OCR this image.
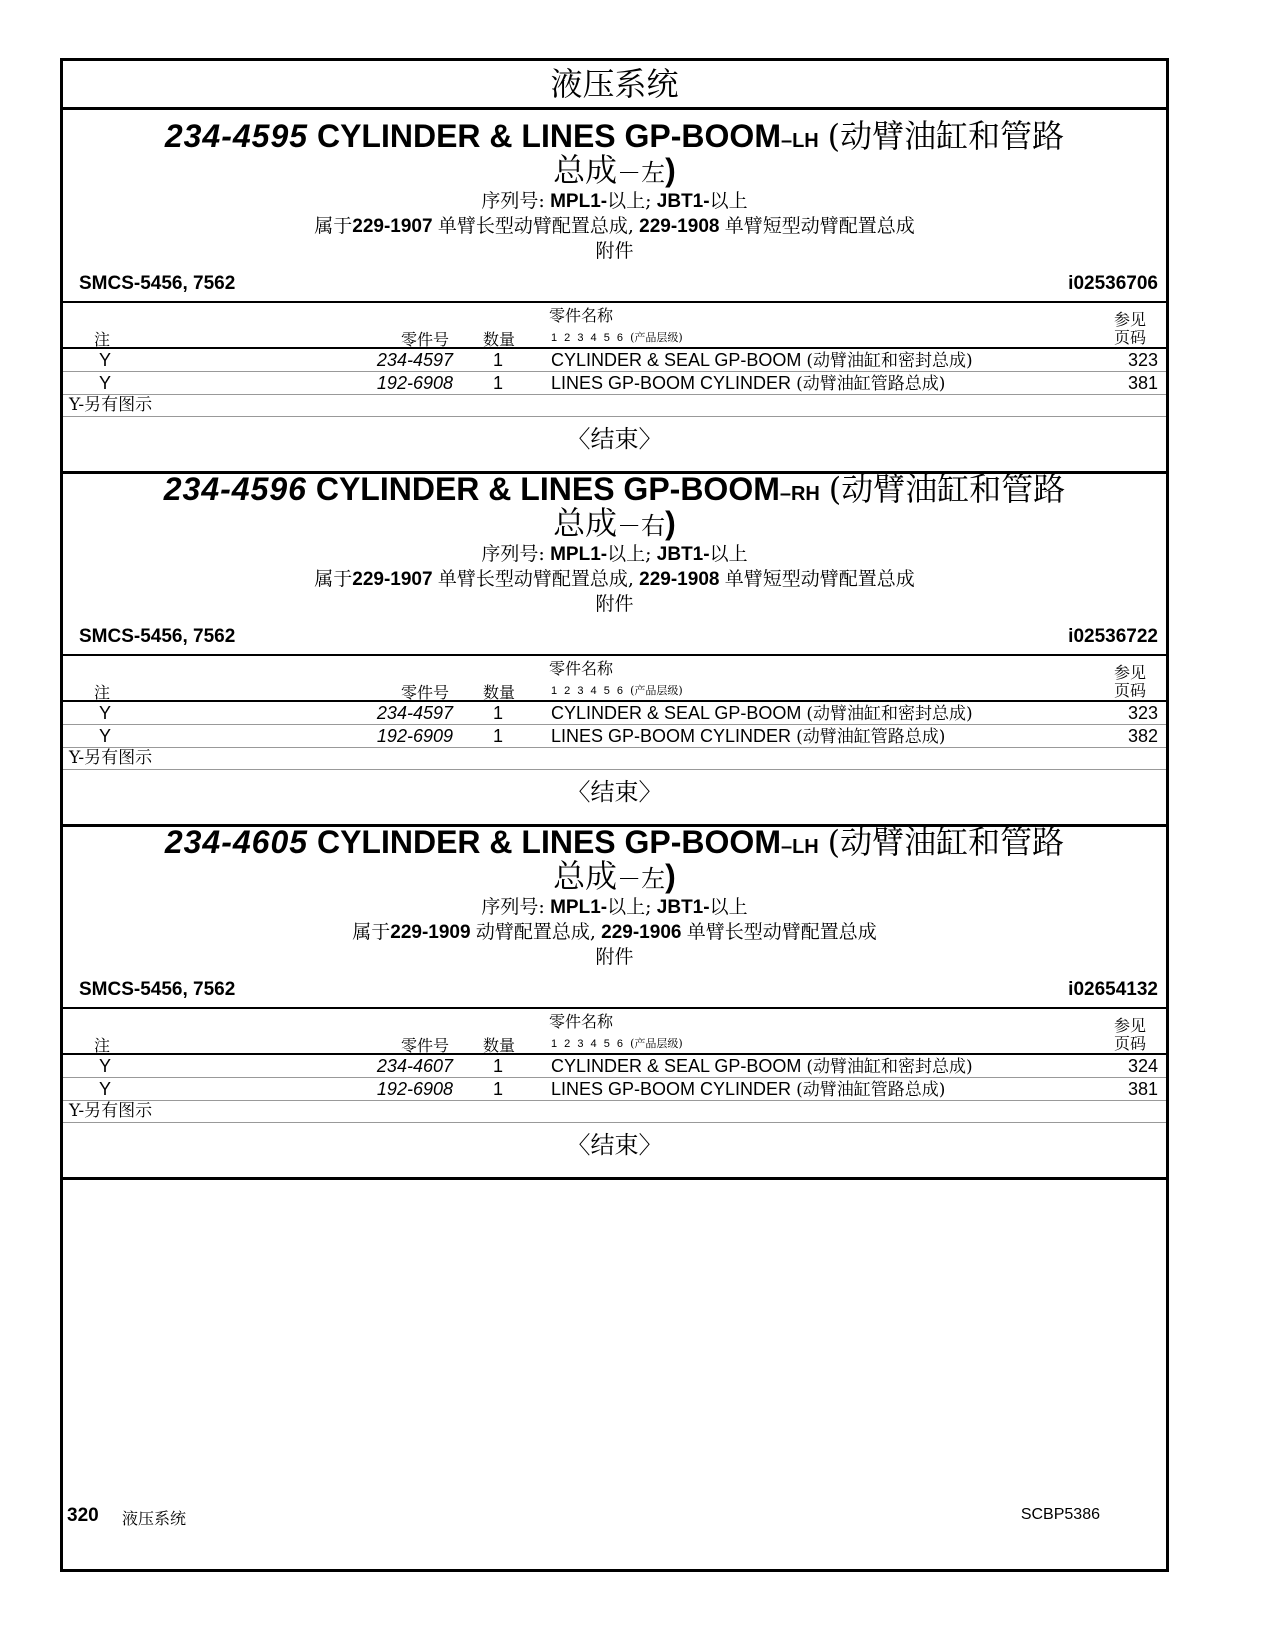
液压系统
234-4595 CYLINDER & LINES GP-BOOM–LH (动臂油缸和管路
总成－左)
序列号: MPL1-以上; JBT1-以上
属于229-1907 单臂长型动臂配置总成, 229-1908 单臂短型动臂配置总成
附件
SMCS-5456, 7562	i02536706
零件名称
注	零件号 数量	1 2 3 4 5 6 (产品层级)
参见
页码
Y	234-4597	1	CYLINDER & SEAL GP-BOOM (动臂油缸和密封总成)	323
Y	192-6908	1	LINES GP-BOOM CYLINDER (动臂油缸管路总成)	381
Y-另有图示
〈结束〉
234-4596 CYLINDER & LINES GP-BOOM–RH (动臂油缸和管路
总成－右)
序列号: MPL1-以上; JBT1-以上
属于229-1907 单臂长型动臂配置总成, 229-1908 单臂短型动臂配置总成
附件
SMCS-5456, 7562	i02536722
零件名称
注	零件号 数量	1 2 3 4 5 6 (产品层级)
参见
页码
Y	234-4597	1	CYLINDER & SEAL GP-BOOM (动臂油缸和密封总成)	323
Y	192-6909	1	LINES GP-BOOM CYLINDER (动臂油缸管路总成)	382
Y-另有图示
〈结束〉
234-4605 CYLINDER & LINES GP-BOOM–LH (动臂油缸和管路
总成－左)
序列号: MPL1-以上; JBT1-以上
属于229-1909 动臂配置总成, 229-1906 单臂长型动臂配置总成
附件
SMCS-5456, 7562	i02654132
零件名称
注	零件号 数量	1 2 3 4 5 6 (产品层级)
参见
页码
Y	234-4607	1	CYLINDER & SEAL GP-BOOM (动臂油缸和密封总成)	324
Y	192-6908	1	LINES GP-BOOM CYLINDER (动臂油缸管路总成)	381
Y-另有图示
〈结束〉
320 液压系统	SCBP5386
